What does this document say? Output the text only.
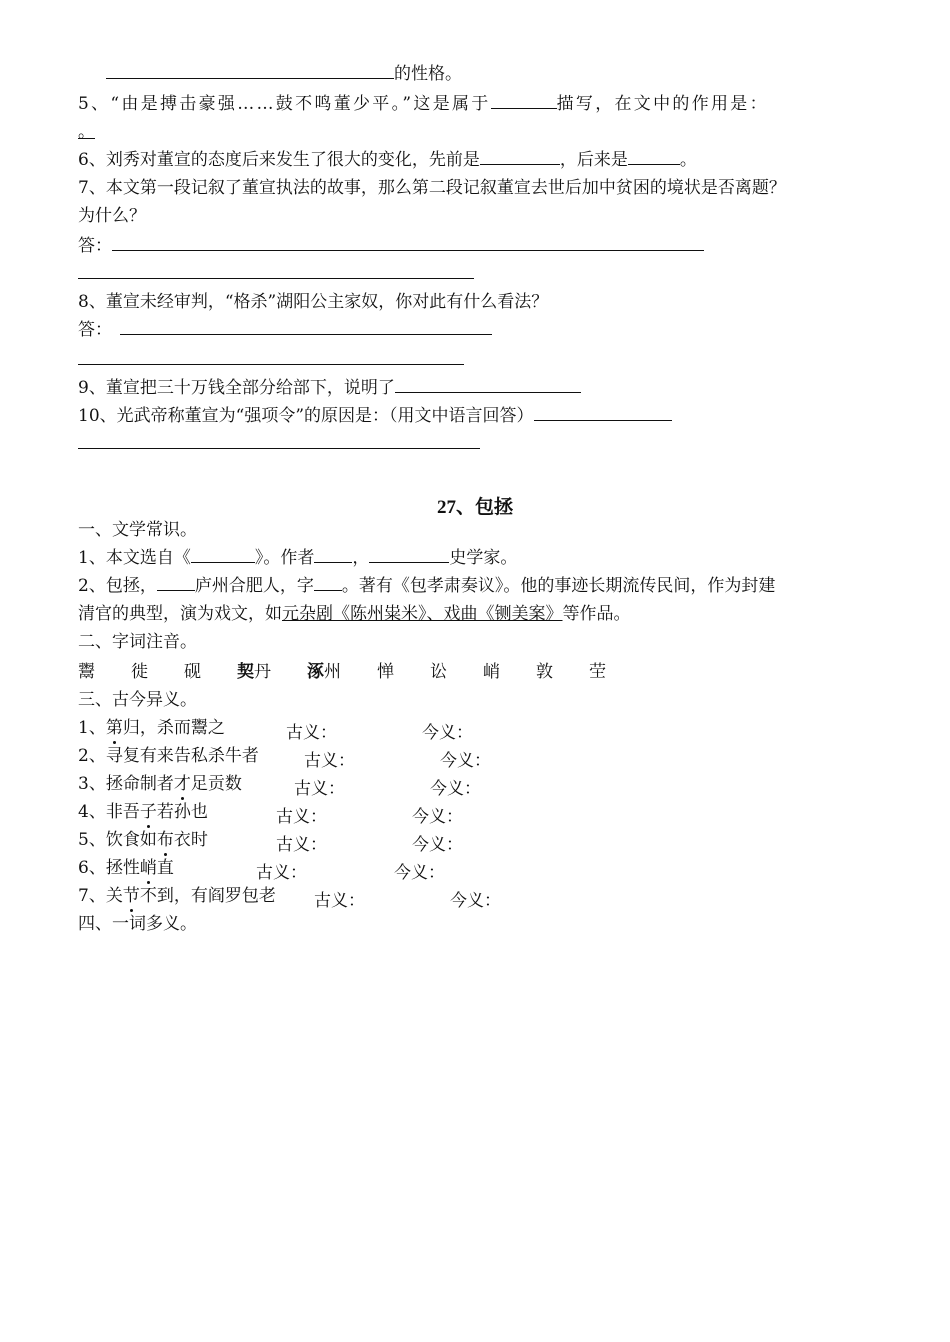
的性格。
5、“由是搏击豪强……鼓不鸣董少平。”这是属于	描写，在文中的作用是：
。
6、刘秀对董宣的态度后来发生了很大的变化，先前是	，后来是	。
7、本文第一段记叙了董宣执法的故事，那么第二段记叙董宣去世后加中贫困的境状是否离题？
为什么？
答：
8、董宣未经审判，“格杀”湖阳公主家奴，你对此有什么看法？
答：
9、董宣把三十万钱全部分给部下，说明了
10、光武帝称董宣为“强项令”的原因是：（用文中语言回答）
27、包拯
一、文学常识。
1、本文选自《	》。作者 ，	史学家。
2、包拯， 庐州合肥人，字 。著有《包孝肃奏议》。他的事迹长期流传民间，作为封建
清官的典型，演为戏文，如元杂剧《陈州粜米》、戏曲《铡美案》等作品。
二、字词注音。
鬻 徙 砚 契丹 涿州 惮 讼 峭 敦 茔
三、古今异义。
1、第归，杀而鬻之	古义：	今义：
2、寻复有来告私杀牛者	古义：	今义：
3、拯命制者才足贡数	古义：	今义：
4、非吾子若孙也	古义：	今义：
5、饮食如布衣时	古义：	今义：
6、拯性峭直	古义：	今义：
7、关节不到，有阎罗包老 古义：	今义：
四、一词多义。
